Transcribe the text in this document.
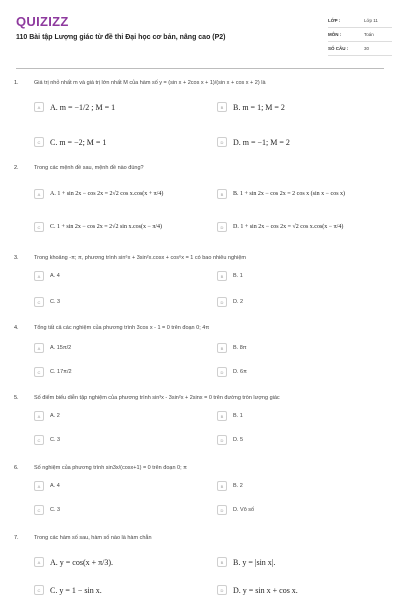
QUIZIZZ
110 Bài tập Lượng giác từ đề thi Đại học cơ bản, nâng cao (P2)
LỚP :	Lớp 11
MÔN :	Toán
SỐ CÂU :	30
1.	Giá trị nhỏ nhất m và giá trị lớn nhất M của hàm số y = (sin x + 2cos x + 1)/(sin x + cos x + 2) là
A	A. m = −1/2 ; M = 1	B	B. m = 1; M = 2
C	C. m = −2; M = 1	D	D. m = −1; M = 2
2.	Trong các mệnh đề sau, mệnh đề nào đúng?
A	A. 1 + sin 2x − cos 2x = 2√2 cos x.cos(x + π/4)	B	B. 1 + sin 2x − cos 2x = 2 cos x (sin x − cos x)
C	C. 1 + sin 2x − cos 2x = 2√2 sin x.cos(x − π/4)	D	D. 1 + sin 2x − cos 2x = √2 cos x.cos(x − π/4)
3.	Trong khoảng -π; π, phương trình sin⁶x + 3sin²x.cosx + cos⁶x = 1 có bao nhiêu nghiệm
A	A. 4	B	B. 1
C	C. 3	D	D. 2
4.	Tổng tất cả các nghiệm của phương trình 3cos x - 1 = 0 trên đoạn 0; 4π
A	A. 15π/2	B	B. 8π
C	C. 17π/2	D	D. 6π
5.	Số điểm biểu diễn tập nghiệm của phương trình sin³x - 3sin²x + 2sinx = 0 trên đường tròn lượng giác
A	A. 2	B	B. 1
C	C. 3	D	D. 5
6.	Số nghiệm của phương trình sin3x/(cosx+1) = 0 trên đoạn 0; π
A	A. 4	B	B. 2
C	C. 3	D	D. Vô số
7.	Trong các hàm số sau, hàm số nào là hàm chẵn
A	A. y = cos(x + π/3).	B	B. y = |sin x|.
C	C. y = 1 − sin x.	D	D. y = sin x + cos x.
